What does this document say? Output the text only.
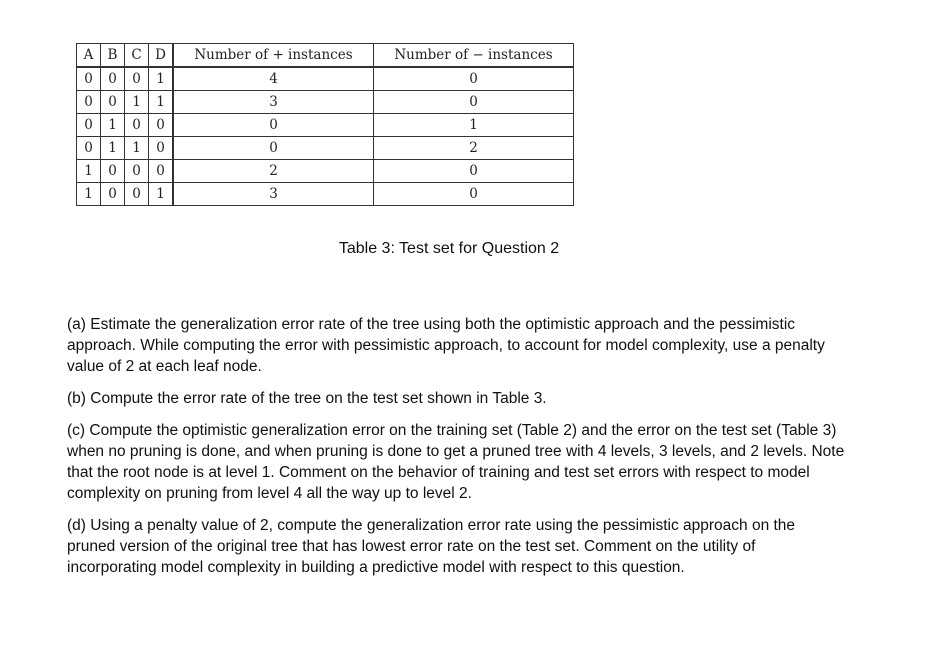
A	B	C	D	Number of + instances	Number of − instances
0	0	0	1	4	0
0	0	1	1	3	0
0	1	0	0	0	1
0	1	1	0	0	2
1	0	0	0	2	0
1	0	0	1	3	0
Table 3: Test set for Question 2

(a) Estimate the generalization error rate of the tree using both the optimistic approach and the pessimistic approach. While computing the error with pessimistic approach, to account for model complexity, use a penalty value of 2 at each leaf node.

(b) Compute the error rate of the tree on the test set shown in Table 3.

(c) Compute the optimistic generalization error on the training set (Table 2) and the error on the test set (Table 3) when no pruning is done, and when pruning is done to get a pruned tree with 4 levels, 3 levels, and 2 levels. Note that the root node is at level 1. Comment on the behavior of training and test set errors with respect to model complexity on pruning from level 4 all the way up to level 2.

(d) Using a penalty value of 2, compute the generalization error rate using the pessimistic approach on the pruned version of the original tree that has lowest error rate on the test set. Comment on the utility of incorporating model complexity in building a predictive model with respect to this question.
